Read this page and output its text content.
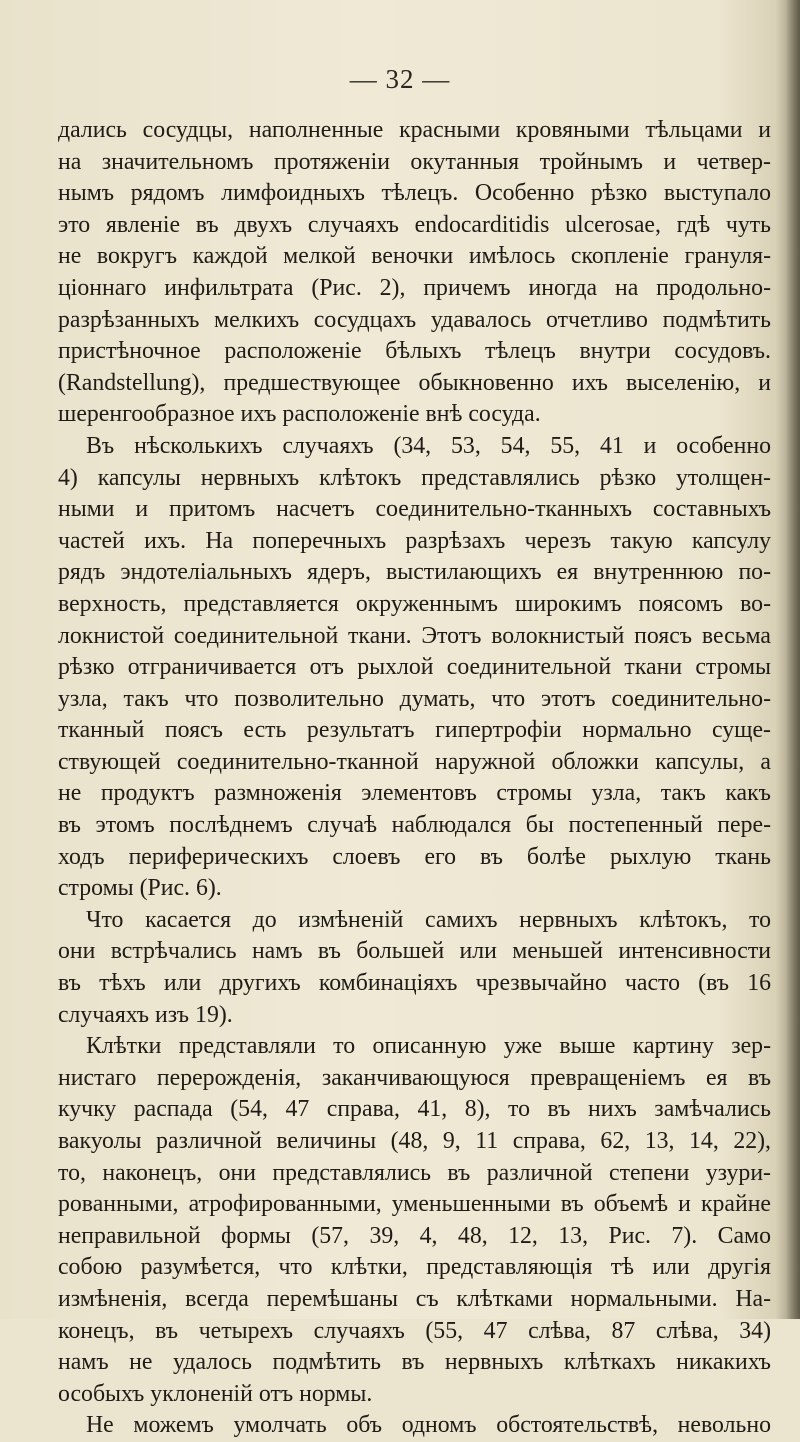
— 32 —
дались сосудцы, наполненные красными кровяными тѣльцами и
на значительномъ протяженіи окутанныя тройнымъ и четвер-
нымъ рядомъ лимфоидныхъ тѣлецъ. Особенно рѣзко выступало
это явленіе въ двухъ случаяхъ endocarditidis ulcerosae, гдѣ чуть
не вокругъ каждой мелкой веночки имѣлось скопленіе грануля-
ціоннаго инфильтрата (Рис. 2), причемъ иногда на продольно-
разрѣзанныхъ мелкихъ сосудцахъ удавалось отчетливо подмѣтить
пристѣночное расположеніе бѣлыхъ тѣлецъ внутри сосудовъ.
(Randstellung), предшествующее обыкновенно ихъ выселенію, и
шеренгообразное ихъ расположеніе внѣ сосуда.
Въ нѣсколькихъ случаяхъ (34, 53, 54, 55, 41 и особенно
4) капсулы нервныхъ клѣтокъ представлялись рѣзко утолщен-
ными и притомъ насчетъ соединительно-тканныхъ составныхъ
частей ихъ. На поперечныхъ разрѣзахъ черезъ такую капсулу
рядъ эндотеліальныхъ ядеръ, выстилающихъ ея внутреннюю по-
верхность, представляется окруженнымъ широкимъ поясомъ во-
локнистой соединительной ткани. Этотъ волокнистый поясъ весьма
рѣзко отграничивается отъ рыхлой соединительной ткани стромы
узла, такъ что позволительно думать, что этотъ соединительно-
тканный поясъ есть результатъ гипертрофіи нормально суще-
ствующей соединительно-тканной наружной обложки капсулы, а
не продуктъ размноженія элементовъ стромы узла, такъ какъ
въ этомъ послѣднемъ случаѣ наблюдался бы постепенный пере-
ходъ периферическихъ слоевъ его въ болѣе рыхлую ткань
стромы (Рис. 6).
Что касается до измѣненій самихъ нервныхъ клѣтокъ, то
они встрѣчались намъ въ большей или меньшей интенсивности
въ тѣхъ или другихъ комбинаціяхъ чрезвычайно часто (въ 16
случаяхъ изъ 19).
Клѣтки представляли то описанную уже выше картину зер-
нистаго перерожденія, заканчивающуюся превращеніемъ ея въ
кучку распада (54, 47 справа, 41, 8), то въ нихъ замѣчались
вакуолы различной величины (48, 9, 11 справа, 62, 13, 14, 22),
то, наконецъ, они представлялись въ различной степени узури-
рованными, атрофированными, уменьшенными въ объемѣ и крайне
неправильной формы (57, 39, 4, 48, 12, 13, Рис. 7). Само
собою разумѣется, что клѣтки, представляющія тѣ или другія
измѣненія, всегда перемѣшаны съ клѣтками нормальными. На-
конецъ, въ четырехъ случаяхъ (55, 47 слѣва, 87 слѣва, 34)
намъ не удалось подмѣтить въ нервныхъ клѣткахъ никакихъ
особыхъ уклоненій отъ нормы.
Не можемъ умолчать объ одномъ обстоятельствѣ, невольно
